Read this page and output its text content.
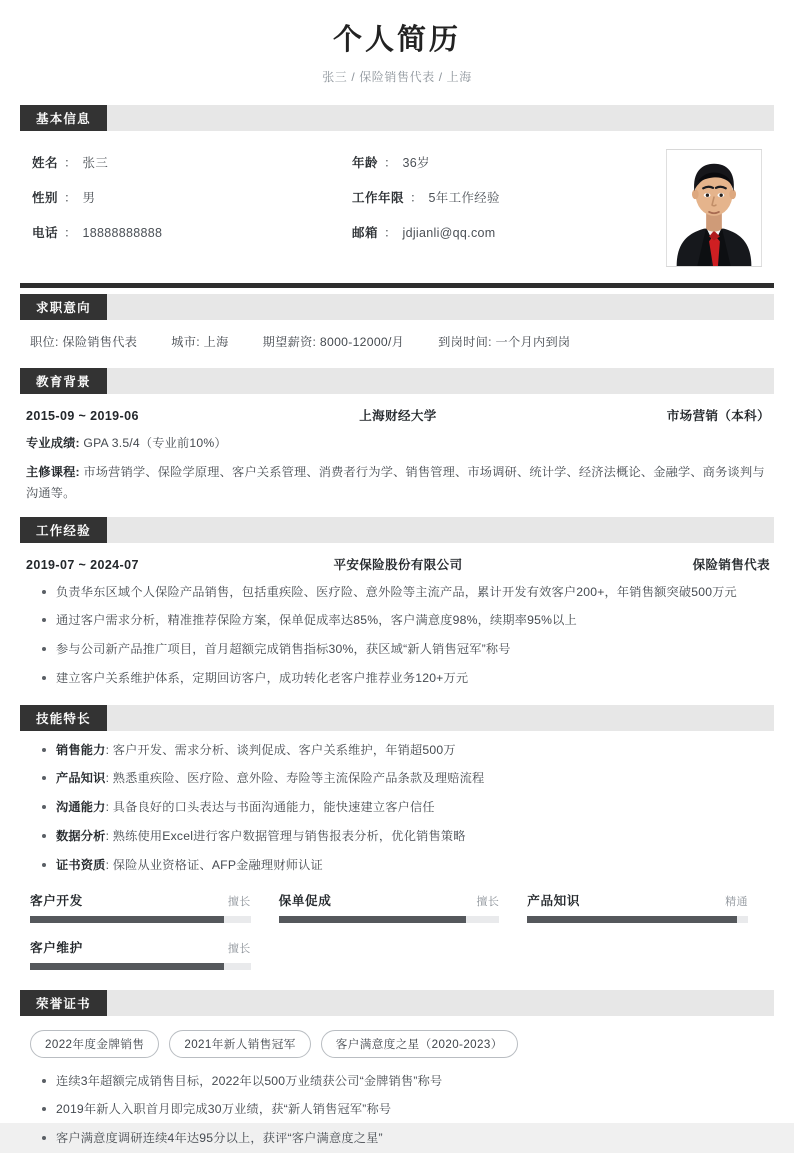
个人简历
张三 / 保险销售代表 / 上海
基本信息
姓名 ： 张三	年龄 ： 36岁
性别 ： 男	工作年限 ： 5年工作经验
电话 ： 18888888888	邮箱 ： jdjianli@qq.com
求职意向
职位: 保险销售代表	城市: 上海	期望薪资: 8000-12000/月	到岗时间: 一个月内到岗
教育背景
2015-09 ~ 2019-06	上海财经大学	市场营销（本科）
专业成绩: GPA 3.5/4（专业前10%）
主修课程: 市场营销学、保险学原理、客户关系管理、消费者行为学、销售管理、市场调研、统计学、经济法概论、金融学、商务谈判与沟通等。
工作经验
2019-07 ~ 2024-07	平安保险股份有限公司	保险销售代表
负责华东区域个人保险产品销售，包括重疾险、医疗险、意外险等主流产品，累计开发有效客户200+，年销售额突破500万元
通过客户需求分析，精准推荐保险方案，保单促成率达85%，客户满意度98%，续期率95%以上
参与公司新产品推广项目，首月超额完成销售指标30%，获区域“新人销售冠军”称号
建立客户关系维护体系，定期回访客户，成功转化老客户推荐业务120+万元
技能特长
销售能力: 客户开发、需求分析、谈判促成、客户关系维护，年销超500万
产品知识: 熟悉重疾险、医疗险、意外险、寿险等主流保险产品条款及理赔流程
沟通能力: 具备良好的口头表达与书面沟通能力，能快速建立客户信任
数据分析: 熟练使用Excel进行客户数据管理与销售报表分析，优化销售策略
证书资质: 保险从业资格证、AFP金融理财师认证
客户开发	擅长 保单促成	擅长 产品知识	精通
客户维护	擅长
荣誉证书
2022年度金牌销售	2021年新人销售冠军	客户满意度之星（2020-2023）
连续3年超额完成销售目标，2022年以500万业绩获公司“金牌销售”称号
2019年新人入职首月即完成30万业绩，获“新人销售冠军”称号
客户满意度调研连续4年达95分以上，获评“客户满意度之星”
